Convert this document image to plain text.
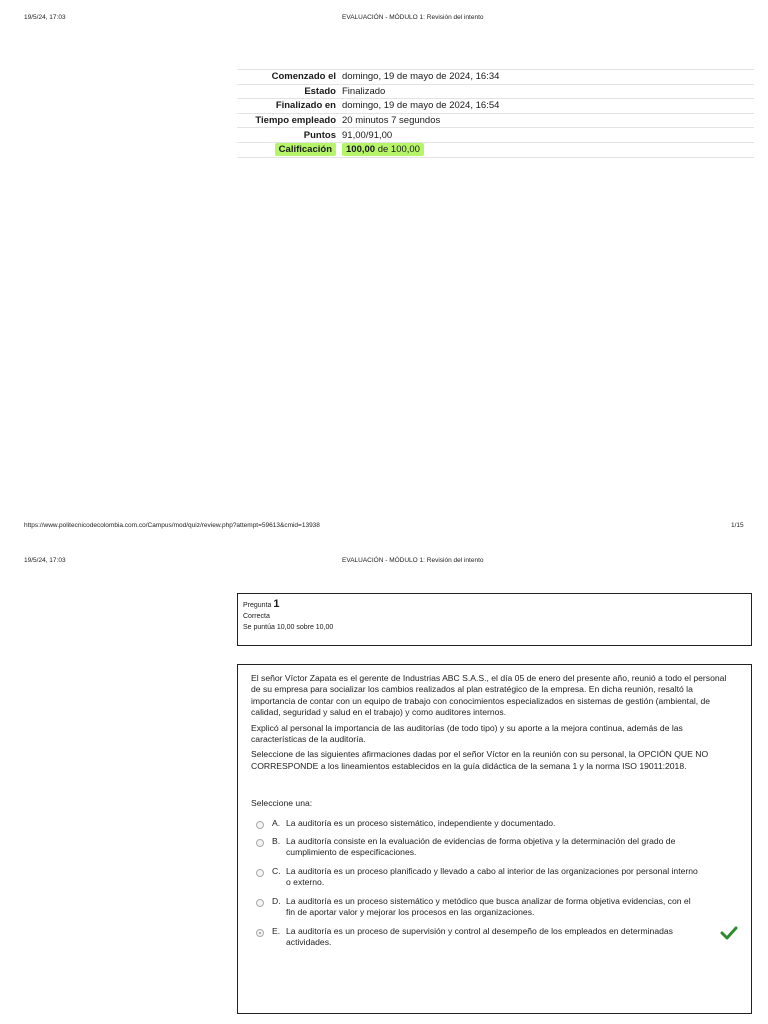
19/5/24, 17:03	EVALUACIÓN - MÓDULO 1: Revisión del intento
Comenzado el	domingo, 19 de mayo de 2024, 16:34
Estado	Finalizado
Finalizado en	domingo, 19 de mayo de 2024, 16:54
Tiempo empleado	20 minutos 7 segundos
Puntos	91,00/91,00
Calificación	100,00 de 100,00
https://www.politecnicodecolombia.com.co/Campus/mod/quiz/review.php?attempt=59613&cmid=13938	1/15
19/5/24, 17:03	EVALUACIÓN - MÓDULO 1: Revisión del intento
Pregunta 1
Correcta
Se puntúa 10,00 sobre 10,00

El señor Víctor Zapata es el gerente de Industrias ABC S.A.S., el día 05 de enero del presente año, reunió a todo el personal de su empresa para socializar los cambios realizados al plan estratégico de la empresa. En dicha reunión, resaltó la importancia de contar con un equipo de trabajo con conocimientos especializados en sistemas de gestión (ambiental, de calidad, seguridad y salud en el trabajo) y como auditores internos.

Explicó al personal la importancia de las auditorías (de todo tipo) y su aporte a la mejora continua, además de las características de la auditoría.

Seleccione de las siguientes afirmaciones dadas por el señor Víctor en la reunión con su personal, la OPCIÓN QUE NO CORRESPONDE a los lineamientos establecidos en la guía didáctica de la semana 1 y la norma ISO 19011:2018.

Seleccione una:
A. La auditoría es un proceso sistemático, independiente y documentado.
B. La auditoría consiste en la evaluación de evidencias de forma objetiva y la determinación del grado de cumplimiento de especificaciones.
C. La auditoría es un proceso planificado y llevado a cabo al interior de las organizaciones por personal interno o externo.
D. La auditoría es un proceso sistemático y metódico que busca analizar de forma objetiva evidencias, con el fin de aportar valor y mejorar los procesos en las organizaciones.
E. La auditoría es un proceso de supervisión y control al desempeño de los empleados en determinadas actividades.
